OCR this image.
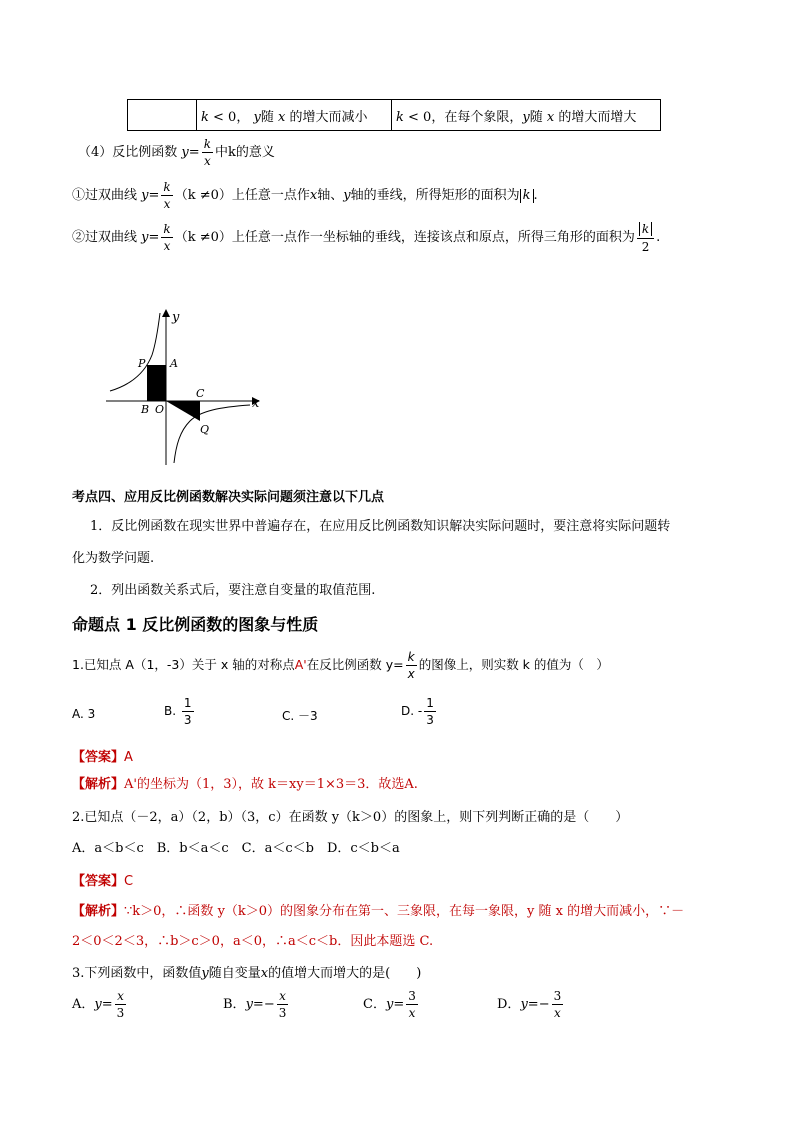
	k < 0， y随 x 的增大而减小	k < 0，在每个象限，y随 x 的增大而增大
（4）反比例函数 $y= \frac{k}{x}$ 中k的意义
①过双曲线 $y= \frac{k}{x} (k \ne 0)$上任意一点作x轴、y轴的垂线，所得矩形的面积为 k .
②过双曲线 $y= \frac{k}{x} (k \ne 0)$上任意一点作一坐标轴的垂线，连接该点和原点，所得三角形的面积为 $\frac{k}{2}$ .
y
x
P A
B O
C
Q
考点四、应用反比例函数解决实际问题须注意以下几点
1．反比例函数在现实世界中普遍存在，在应用反比例函数知识解决实际问题时，要注意将实际问题转
化为数学问题.
2．列出函数关系式后，要注意自变量的取值范围.
命题点 1 反比例函数的图象与性质
1.已知点 A（1，-3）关于 x 轴的对称点A'在反比例函数 $y= \frac{k}{x}$ 的图像上，则实数 k 的值为（　）
A. 3	B. $\frac{1}{3}$	C. －3	D. - $\frac{1}{3}$
【答案】A
【解析】A'的坐标为（1，3），故 k＝xy＝1×3＝3．故选A.
2.已知点（－2，a）（2，b）（3，c）在函数 y（k＞0）的图象上，则下列判断正确的是（　　）
A．a＜b＜c　B．b＜a＜c　C．a＜c＜b　D．c＜b＜a
【答案】C
【解析】∵k＞0，∴函数 y（k＞0）的图象分布在第一、三象限，在每一象限，y 随 x 的增大而减小，∵－
2＜0＜2＜3，∴b＞c＞0，a＜0，∴a＜c＜b．因此本题选 C.
3.下列函数中，函数值y随自变量x的值增大而增大的是(　　)
A．$y= \frac{x}{3}$	B．$y=- \frac{x}{3}$	C．$y= \frac{3}{x}$	D．$y=- \frac{3}{x}$
